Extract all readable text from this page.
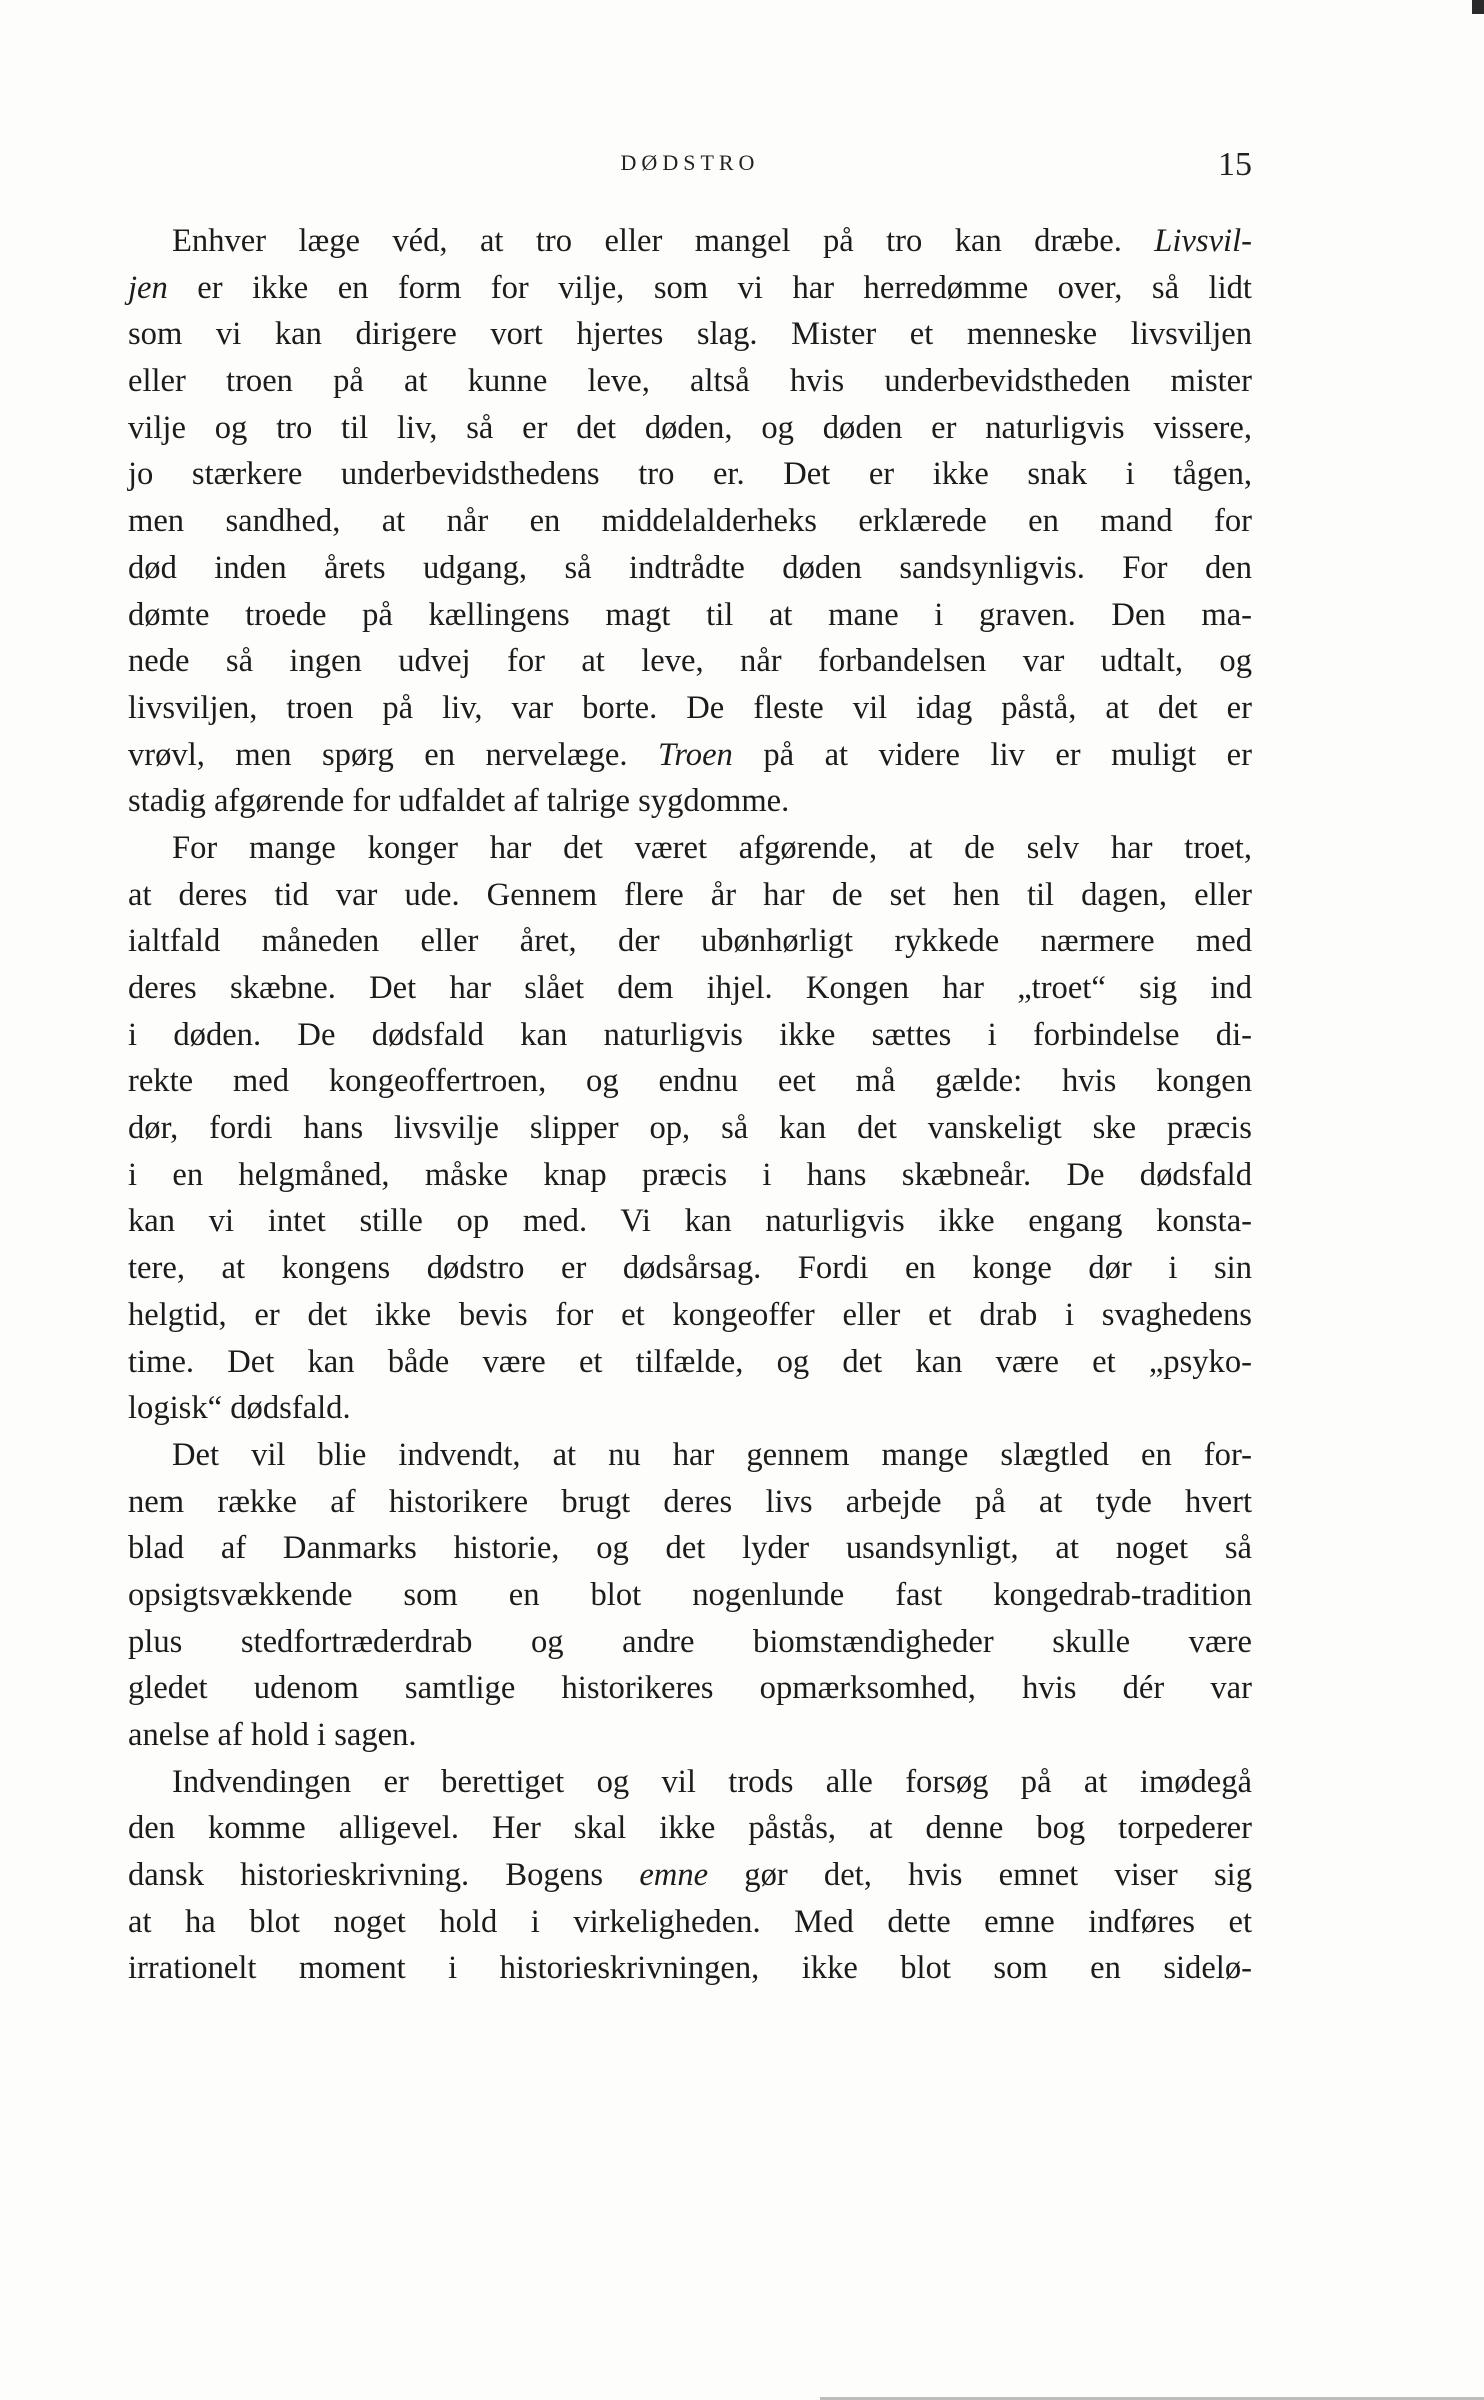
DØDSTRO	15
Enhver læge véd, at tro eller mangel på tro kan dræbe. Livsvil-
jen er ikke en form for vilje, som vi har herredømme over, så lidt
som vi kan dirigere vort hjertes slag. Mister et menneske livsviljen
eller troen på at kunne leve, altså hvis underbevidstheden mister
vilje og tro til liv, så er det døden, og døden er naturligvis vissere,
jo stærkere underbevidsthedens tro er. Det er ikke snak i tågen,
men sandhed, at når en middelalderheks erklærede en mand for
død inden årets udgang, så indtrådte døden sandsynligvis. For den
dømte troede på kællingens magt til at mane i graven. Den ma-
nede så ingen udvej for at leve, når forbandelsen var udtalt, og
livsviljen, troen på liv, var borte. De fleste vil idag påstå, at det er
vrøvl, men spørg en nervelæge. Troen på at videre liv er muligt er
stadig afgørende for udfaldet af talrige sygdomme.
For mange konger har det været afgørende, at de selv har troet,
at deres tid var ude. Gennem flere år har de set hen til dagen, eller
ialtfald måneden eller året, der ubønhørligt rykkede nærmere med
deres skæbne. Det har slået dem ihjel. Kongen har „troet“ sig ind
i døden. De dødsfald kan naturligvis ikke sættes i forbindelse di-
rekte med kongeoffertroen, og endnu eet må gælde: hvis kongen
dør, fordi hans livsvilje slipper op, så kan det vanskeligt ske præcis
i en helgmåned, måske knap præcis i hans skæbneår. De dødsfald
kan vi intet stille op med. Vi kan naturligvis ikke engang konsta-
tere, at kongens dødstro er dødsårsag. Fordi en konge dør i sin
helgtid, er det ikke bevis for et kongeoffer eller et drab i svaghedens
time. Det kan både være et tilfælde, og det kan være et „psyko-
logisk“ dødsfald.
Det vil blie indvendt, at nu har gennem mange slægtled en for-
nem række af historikere brugt deres livs arbejde på at tyde hvert
blad af Danmarks historie, og det lyder usandsynligt, at noget så
opsigtsvækkende som en blot nogenlunde fast kongedrab-tradition
plus stedfortræderdrab og andre biomstændigheder skulle være
gledet udenom samtlige historikeres opmærksomhed, hvis dér var
anelse af hold i sagen.
Indvendingen er berettiget og vil trods alle forsøg på at imødegå
den komme alligevel. Her skal ikke påstås, at denne bog torpederer
dansk historieskrivning. Bogens emne gør det, hvis emnet viser sig
at ha blot noget hold i virkeligheden. Med dette emne indføres et
irrationelt moment i historieskrivningen, ikke blot som en sidelø-
